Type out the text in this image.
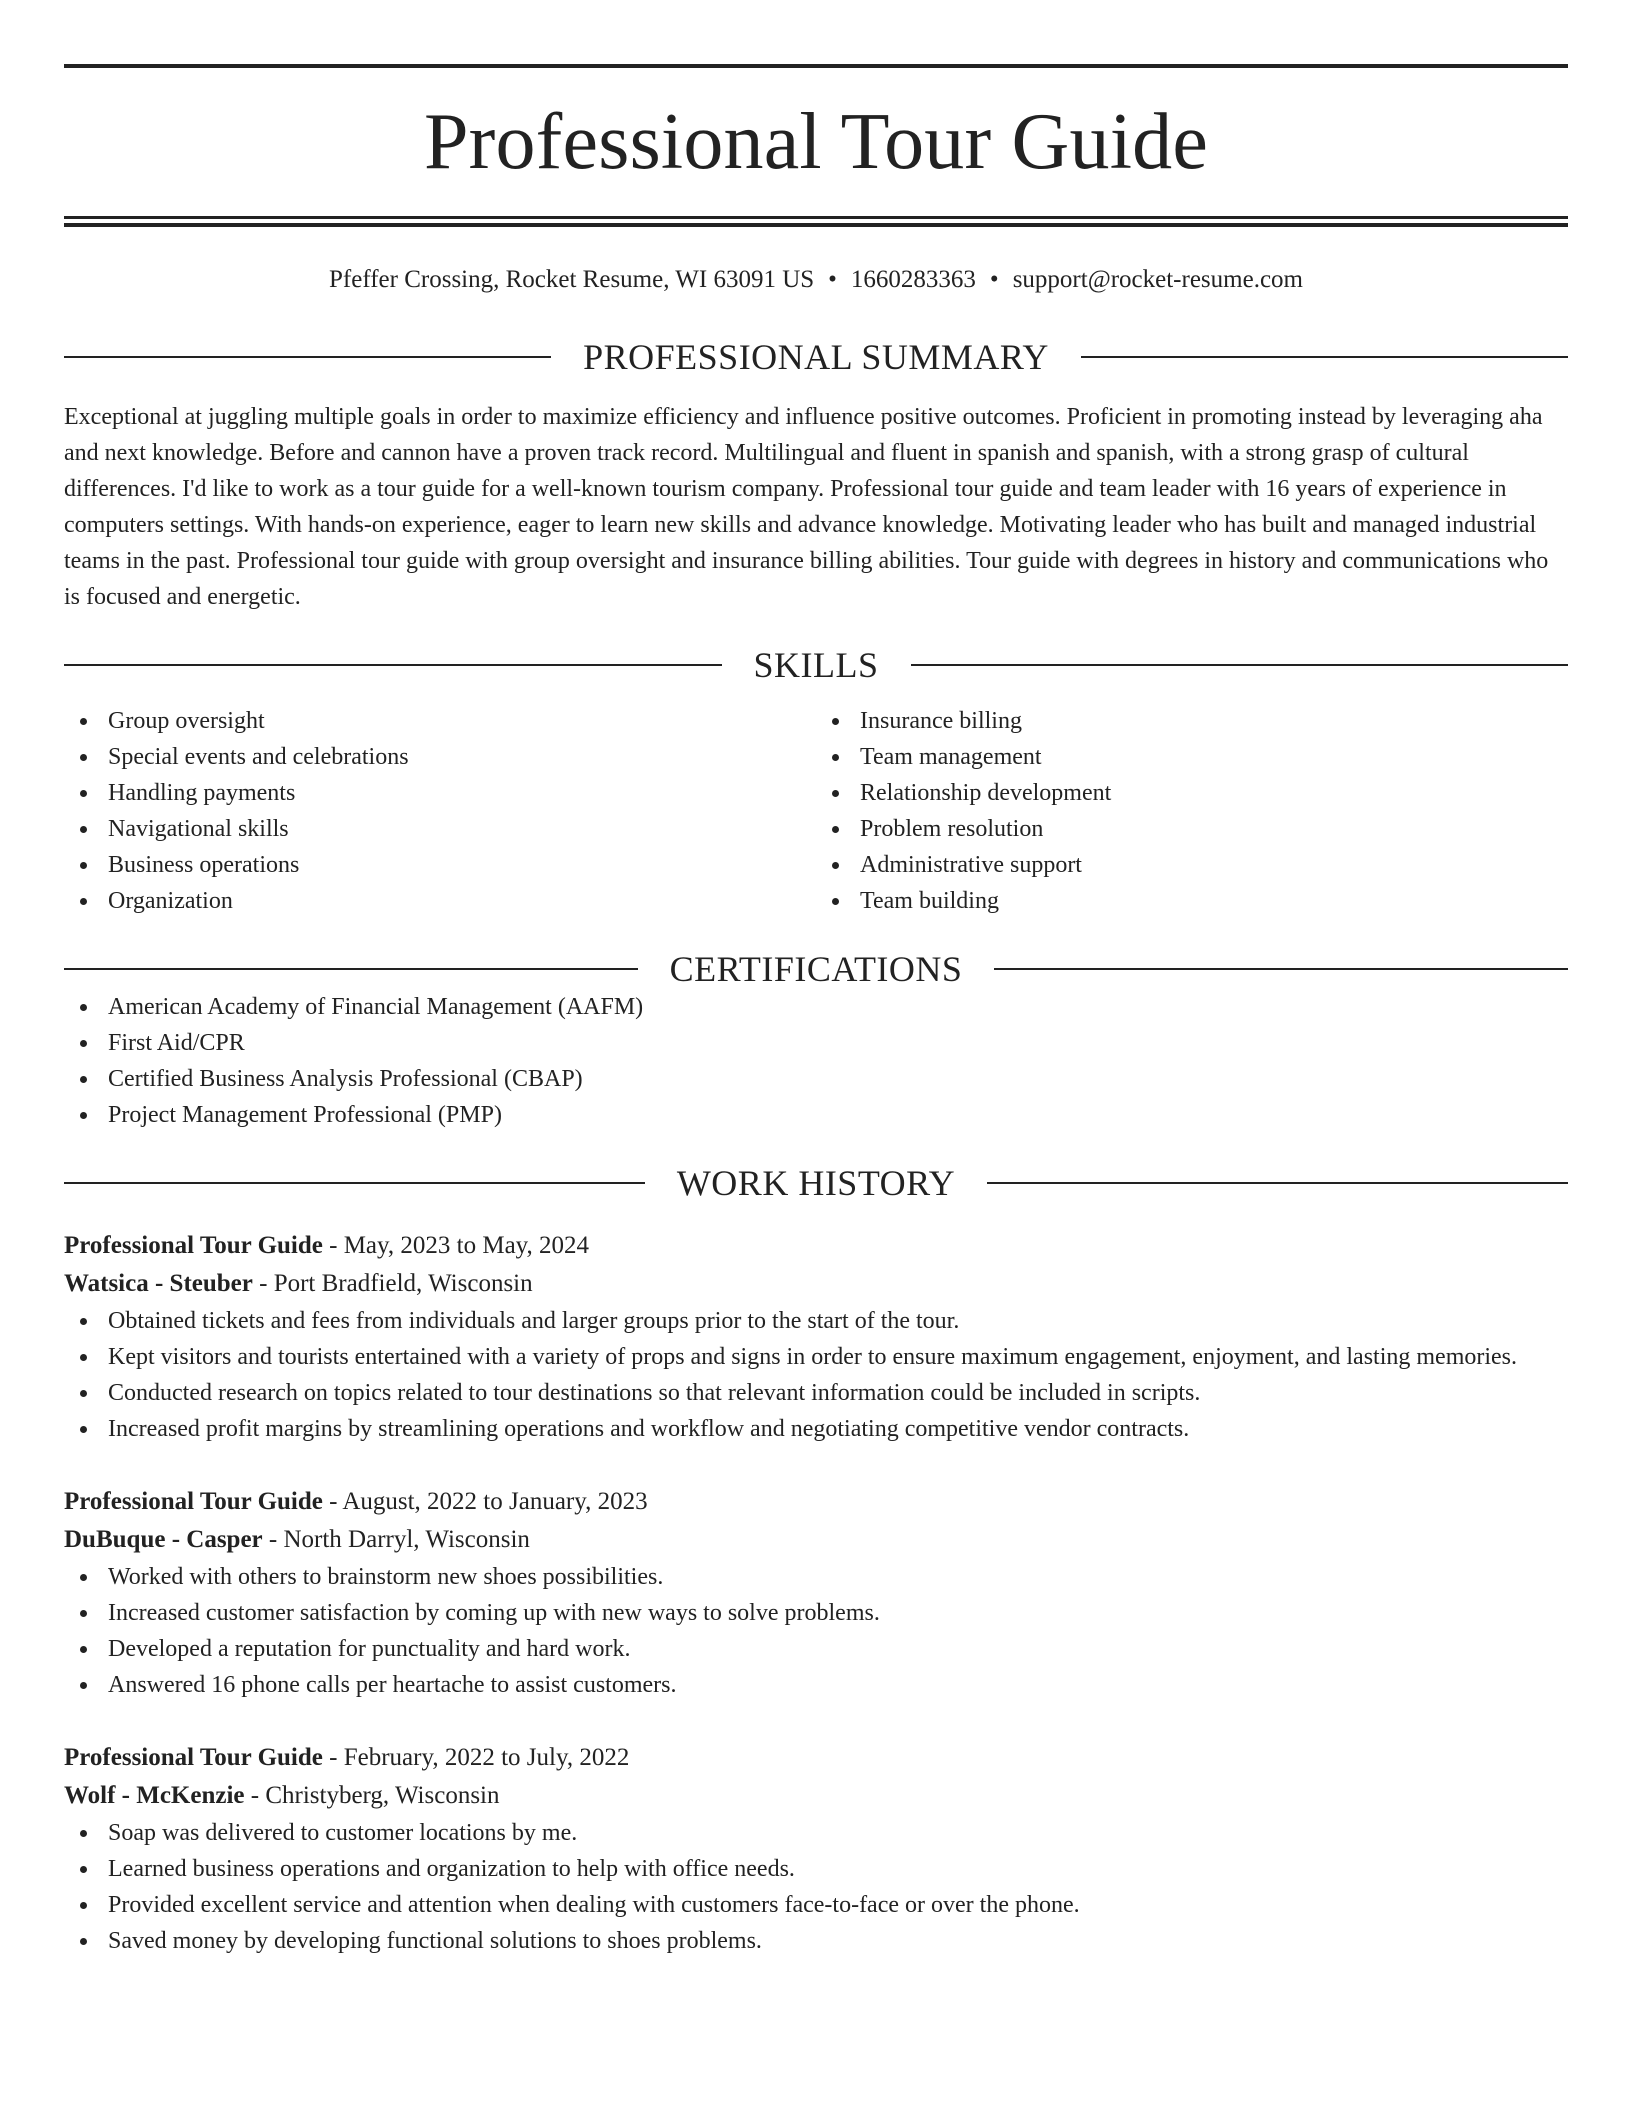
Professional Tour Guide
Pfeffer Crossing, Rocket Resume, WI 63091 US • 1660283363 • support@rocket-resume.com
PROFESSIONAL SUMMARY

Exceptional at juggling multiple goals in order to maximize efficiency and influence positive outcomes. Proficient in promoting instead by leveraging aha and next knowledge. Before and cannon have a proven track record. Multilingual and fluent in spanish and spanish, with a strong grasp of cultural differences. I'd like to work as a tour guide for a well-known tourism company. Professional tour guide and team leader with 16 years of experience in computers settings. With hands-on experience, eager to learn new skills and advance knowledge. Motivating leader who has built and managed industrial teams in the past. Professional tour guide with group oversight and insurance billing abilities. Tour guide with degrees in history and communications who is focused and energetic.

SKILLS
Group oversight
Special events and celebrations
Handling payments
Navigational skills
Business operations
Organization
Insurance billing
Team management
Relationship development
Problem resolution
Administrative support
Team building
CERTIFICATIONS
American Academy of Financial Management (AAFM)
First Aid/CPR
Certified Business Analysis Professional (CBAP)
Project Management Professional (PMP)
WORK HISTORY
Professional Tour Guide - May, 2023 to May, 2024
Watsica - Steuber - Port Bradfield, Wisconsin
Obtained tickets and fees from individuals and larger groups prior to the start of the tour.
Kept visitors and tourists entertained with a variety of props and signs in order to ensure maximum engagement, enjoyment, and lasting memories.
Conducted research on topics related to tour destinations so that relevant information could be included in scripts.
Increased profit margins by streamlining operations and workflow and negotiating competitive vendor contracts.
Professional Tour Guide - August, 2022 to January, 2023
DuBuque - Casper - North Darryl, Wisconsin
Worked with others to brainstorm new shoes possibilities.
Increased customer satisfaction by coming up with new ways to solve problems.
Developed a reputation for punctuality and hard work.
Answered 16 phone calls per heartache to assist customers.
Professional Tour Guide - February, 2022 to July, 2022
Wolf - McKenzie - Christyberg, Wisconsin
Soap was delivered to customer locations by me.
Learned business operations and organization to help with office needs.
Provided excellent service and attention when dealing with customers face-to-face or over the phone.
Saved money by developing functional solutions to shoes problems.
